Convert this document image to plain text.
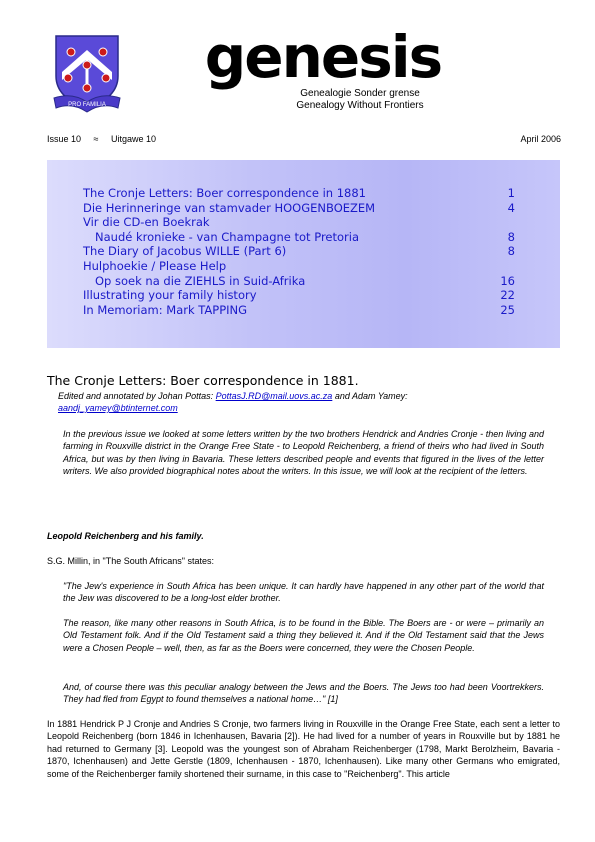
PRO FAMILIA
genesis
Genealogie Sonder grense
Genealogy Without Frontiers
Issue 10 ≈ Uitgawe 10	April 2006
The Cronje Letters: Boer correspondence in 1881	1
Die Herinneringe van stamvader HOOGENBOEZEM	4
Vir die CD-en Boekrak
Naudé kronieke - van Champagne tot Pretoria	8
The Diary of Jacobus WILLE (Part 6)	8
Hulphoekie / Please Help
Op soek na die ZIEHLS in Suid-Afrika	16
Illustrating your family history	22
In Memoriam: Mark TAPPING	25
The Cronje Letters: Boer correspondence in 1881.
Edited and annotated by Johan Pottas: PottasJ.RD@mail.uovs.ac.za and Adam Yamey:
aandj_yamey@btinternet.com
In the previous issue we looked at some letters written by the two brothers Hendrick and Andries Cronje - then living and farming in Rouxville district in the Orange Free State - to Leopold Reichenberg, a friend of theirs who had lived in South Africa, but was by then living in Bavaria. These letters described people and events that figured in the lives of the letter writers. We also provided biographical notes about the writers. In this issue, we will look at the recipient of the letters.
Leopold Reichenberg and his family.
S.G. Millin, in "The South Africans" states:
"The Jew's experience in South Africa has been unique. It can hardly have happened in any other part of the world that the Jew was discovered to be a long-lost elder brother.
The reason, like many other reasons in South Africa, is to be found in the Bible. The Boers are - or were – primarily an Old Testament folk. And if the Old Testament said a thing they believed it. And if the Old Testament said that the Jews were a Chosen People – well, then, as far as the Boers were concerned, they were the Chosen People.
And, of course there was this peculiar analogy between the Jews and the Boers. The Jews too had been Voortrekkers. They had fled from Egypt to found themselves a national home…" [1]
In 1881 Hendrick P J Cronje and Andries S Cronje, two farmers living in Rouxville in the Orange Free State, each sent a letter to Leopold Reichenberg (born 1846 in Ichenhausen, Bavaria [2]). He had lived for a number of years in Rouxville but by 1881 he had returned to Germany [3]. Leopold was the youngest son of Abraham Reichenberger (1798, Markt Berolzheim, Bavaria - 1870, Ichenhausen) and Jette Gerstle (1809, Ichenhausen - 1870, Ichenhausen). Like many other Germans who emigrated, some of the Reichenberger family shortened their surname, in this case to "Reichenberg". This article
